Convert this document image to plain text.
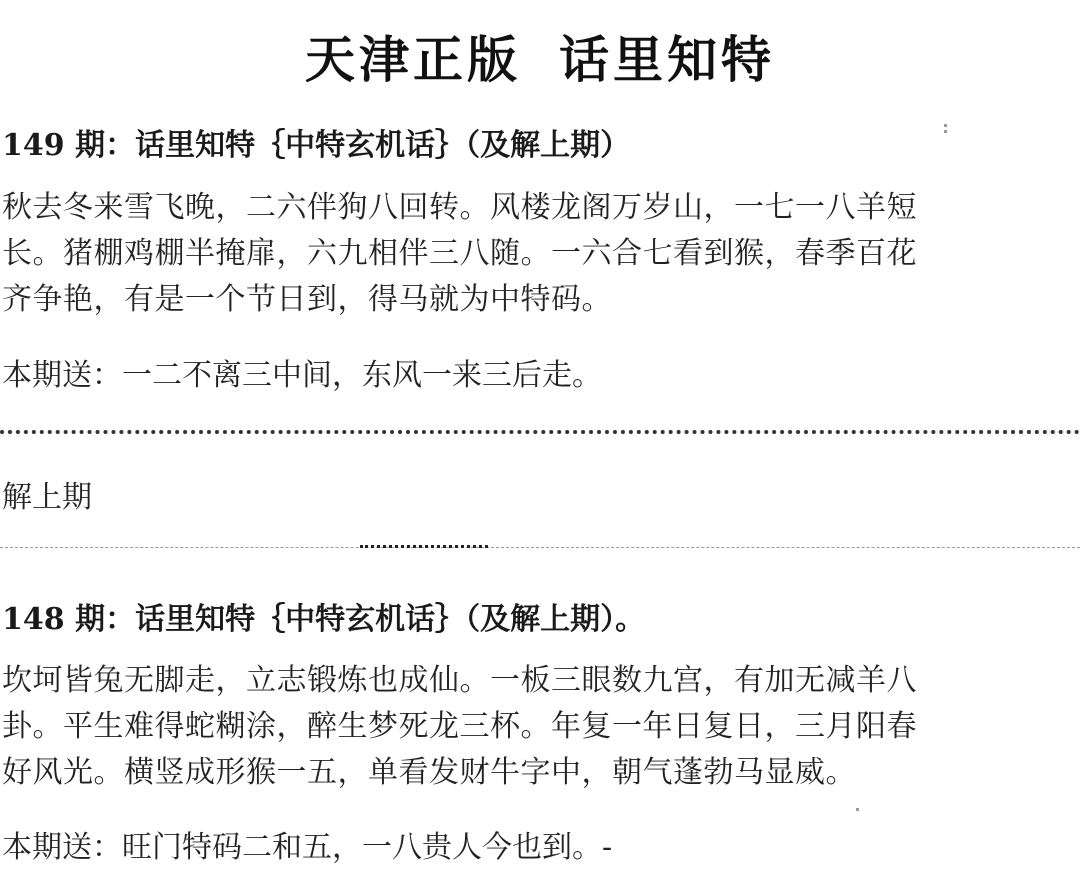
天津正版 话里知特
149 期：话里知特｛中特玄机话｝（及解上期）
秋去冬来雪飞晚，二六伴狗八回转。风楼龙阁万岁山，一七一八羊短
长。猪棚鸡棚半掩扉，六九相伴三八随。一六合七看到猴，春季百花
齐争艳，有是一个节日到，得马就为中特码。
本期送：一二不离三中间，东风一来三后走。
解上期
148 期：话里知特｛中特玄机话｝（及解上期）。
坎坷皆兔无脚走，立志锻炼也成仙。一板三眼数九宫，有加无减羊八
卦。平生难得蛇糊涂，醉生梦死龙三杯。年复一年日复日，三月阳春
好风光。横竖成形猴一五，单看发财牛字中，朝气蓬勃马显威。
本期送：旺门特码二和五，一八贵人今也到。-
